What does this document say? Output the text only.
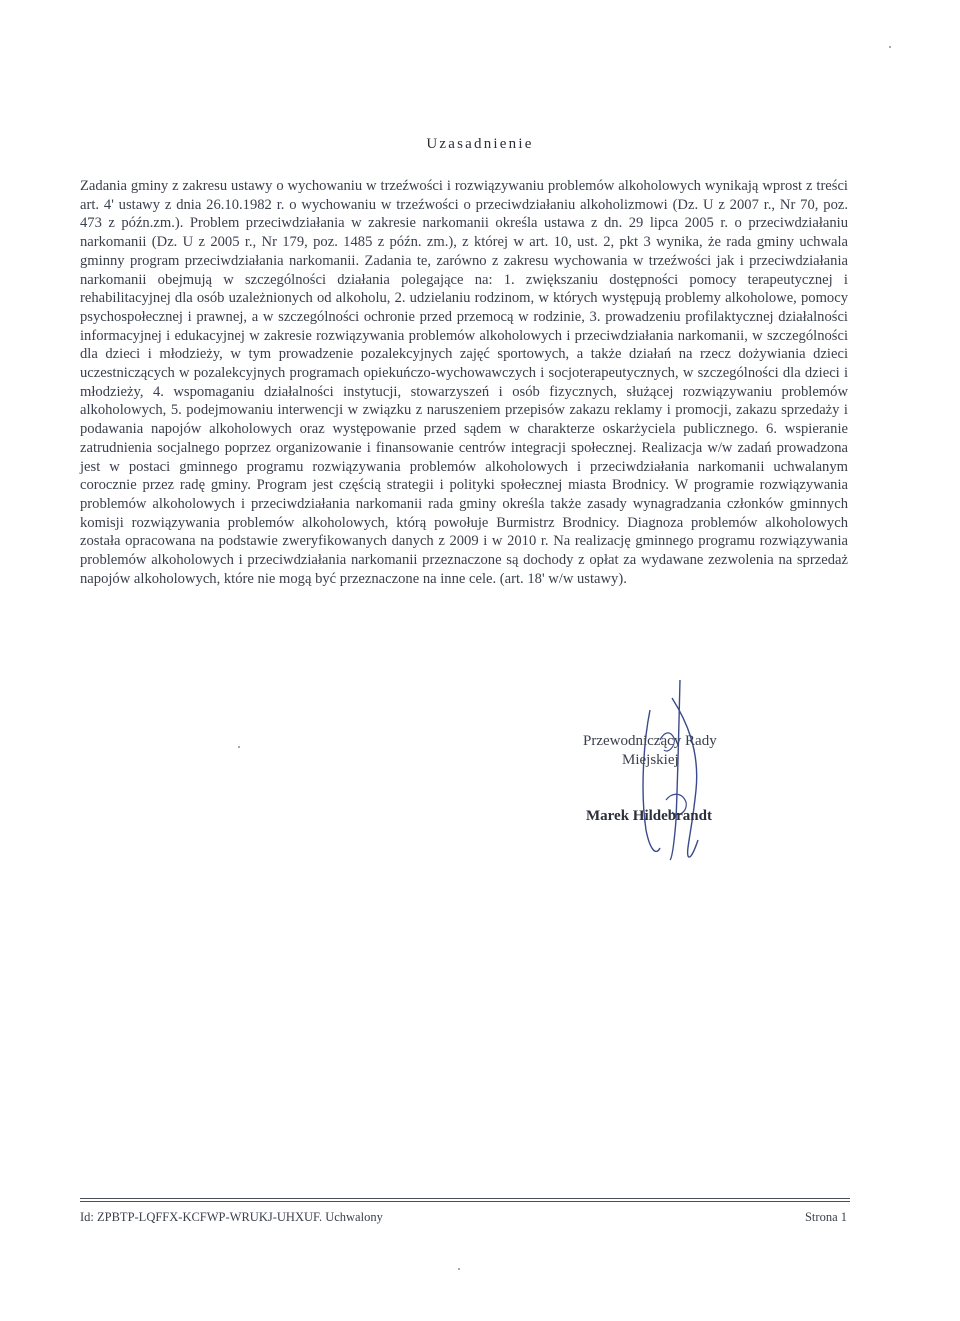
Uzasadnienie

Zadania gminy z zakresu ustawy o wychowaniu w trzeźwości i rozwiązywaniu problemów alkoholowych wynikają wprost z treści art. 4' ustawy z dnia 26.10.1982 r. o wychowaniu w trzeźwości o przeciwdziałaniu alkoholizmowi (Dz. U z 2007 r., Nr 70, poz. 473 z późn.zm.). Problem przeciwdziałania w zakresie narkomanii określa ustawa z dn. 29 lipca 2005 r. o przeciwdziałaniu narkomanii (Dz. U z 2005 r., Nr 179, poz. 1485 z późn. zm.), z której w art. 10, ust. 2, pkt 3 wynika, że rada gminy uchwala gminny program przeciwdziałania narkomanii. Zadania te, zarówno z zakresu wychowania w trzeźwości jak i przeciwdziałania narkomanii obejmują w szczególności działania polegające na: 1. zwiększaniu dostępności pomocy terapeutycznej i rehabilitacyjnej dla osób uzależnionych od alkoholu, 2. udzielaniu rodzinom, w których występują problemy alkoholowe, pomocy psychospołecznej i prawnej, a w szczególności ochronie przed przemocą w rodzinie, 3. prowadzeniu profilaktycznej działalności informacyjnej i edukacyjnej w zakresie rozwiązywania problemów alkoholowych i przeciwdziałania narkomanii, w szczególności dla dzieci i młodzieży, w tym prowadzenie pozalekcyjnych zajęć sportowych, a także działań na rzecz dożywiania dzieci uczestniczących w pozalekcyjnych programach opiekuńczo-wychowawczych i socjoterapeutycznych, w szczególności dla dzieci i młodzieży, 4. wspomaganiu działalności instytucji, stowarzyszeń i osób fizycznych, służącej rozwiązywaniu problemów alkoholowych, 5. podejmowaniu interwencji w związku z naruszeniem przepisów zakazu reklamy i promocji, zakazu sprzedaży i podawania napojów alkoholowych oraz występowanie przed sądem w charakterze oskarżyciela publicznego. 6. wspieranie zatrudnienia socjalnego poprzez organizowanie i finansowanie centrów integracji społecznej. Realizacja w/w zadań prowadzona jest w postaci gminnego programu rozwiązywania problemów alkoholowych i przeciwdziałania narkomanii uchwalanym corocznie przez radę gminy. Program jest częścią strategii i polityki społecznej miasta Brodnicy. W programie rozwiązywania problemów alkoholowych i przeciwdziałania narkomanii rada gminy określa także zasady wynagradzania członków gminnych komisji rozwiązywania problemów alkoholowych, którą powołuje Burmistrz Brodnicy. Diagnoza problemów alkoholowych została opracowana na podstawie zweryfikowanych danych z 2009 i w 2010 r. Na realizację gminnego programu rozwiązywania problemów alkoholowych i przeciwdziałania narkomanii przeznaczone są dochody z opłat za wydawane zezwolenia na sprzedaż napojów alkoholowych, które nie mogą być przeznaczone na inne cele. (art. 18' w/w ustawy).

Przewodniczący Rady
Miejskiej
Marek Hildebrandt
Id: ZPBTP-LQFFX-KCFWP-WRUKJ-UHXUF. Uchwalony	Strona 1
